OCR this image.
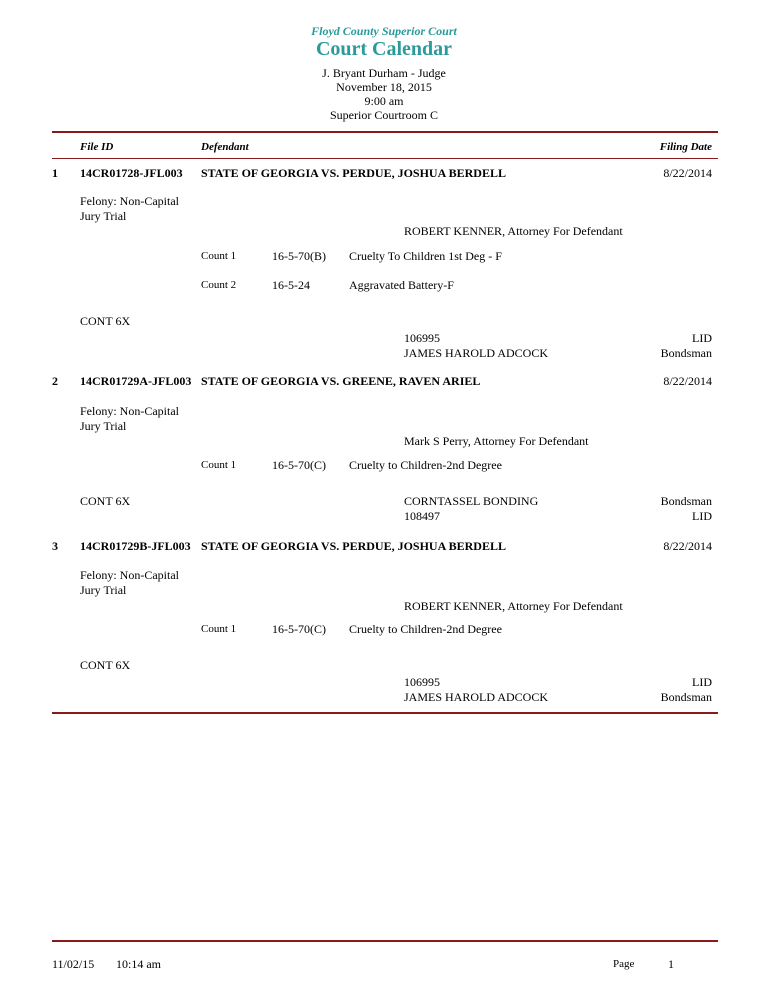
Floyd County Superior Court
Court Calendar
J. Bryant Durham - Judge
November 18, 2015
9:00 am
Superior Courtroom C
File ID	Defendant	Filing Date
1 14CR01728-JFL003 STATE OF GEORGIA VS. PERDUE, JOSHUA BERDELL	8/22/2014
Felony: Non-Capital
Jury Trial
ROBERT KENNER, Attorney For Defendant
Count 1	16-5-70(B) Cruelty To Children 1st Deg - F
Count 2	16-5-24	Aggravated Battery-F
CONT 6X
106995	LID
JAMES HAROLD ADCOCK	Bondsman
2 14CR01729A-JFL003 STATE OF GEORGIA VS. GREENE, RAVEN ARIEL	8/22/2014
Felony: Non-Capital
Jury Trial
Mark S Perry, Attorney For Defendant
Count 1	16-5-70(C) Cruelty to Children-2nd Degree
CONT 6X	CORNTASSEL BONDING	Bondsman
108497	LID
3 14CR01729B-JFL003 STATE OF GEORGIA VS. PERDUE, JOSHUA BERDELL	8/22/2014
Felony: Non-Capital
Jury Trial
ROBERT KENNER, Attorney For Defendant
Count 1	16-5-70(C) Cruelty to Children-2nd Degree
CONT 6X
106995	LID
JAMES HAROLD ADCOCK	Bondsman
11/02/15 10:14 am	Page	1
